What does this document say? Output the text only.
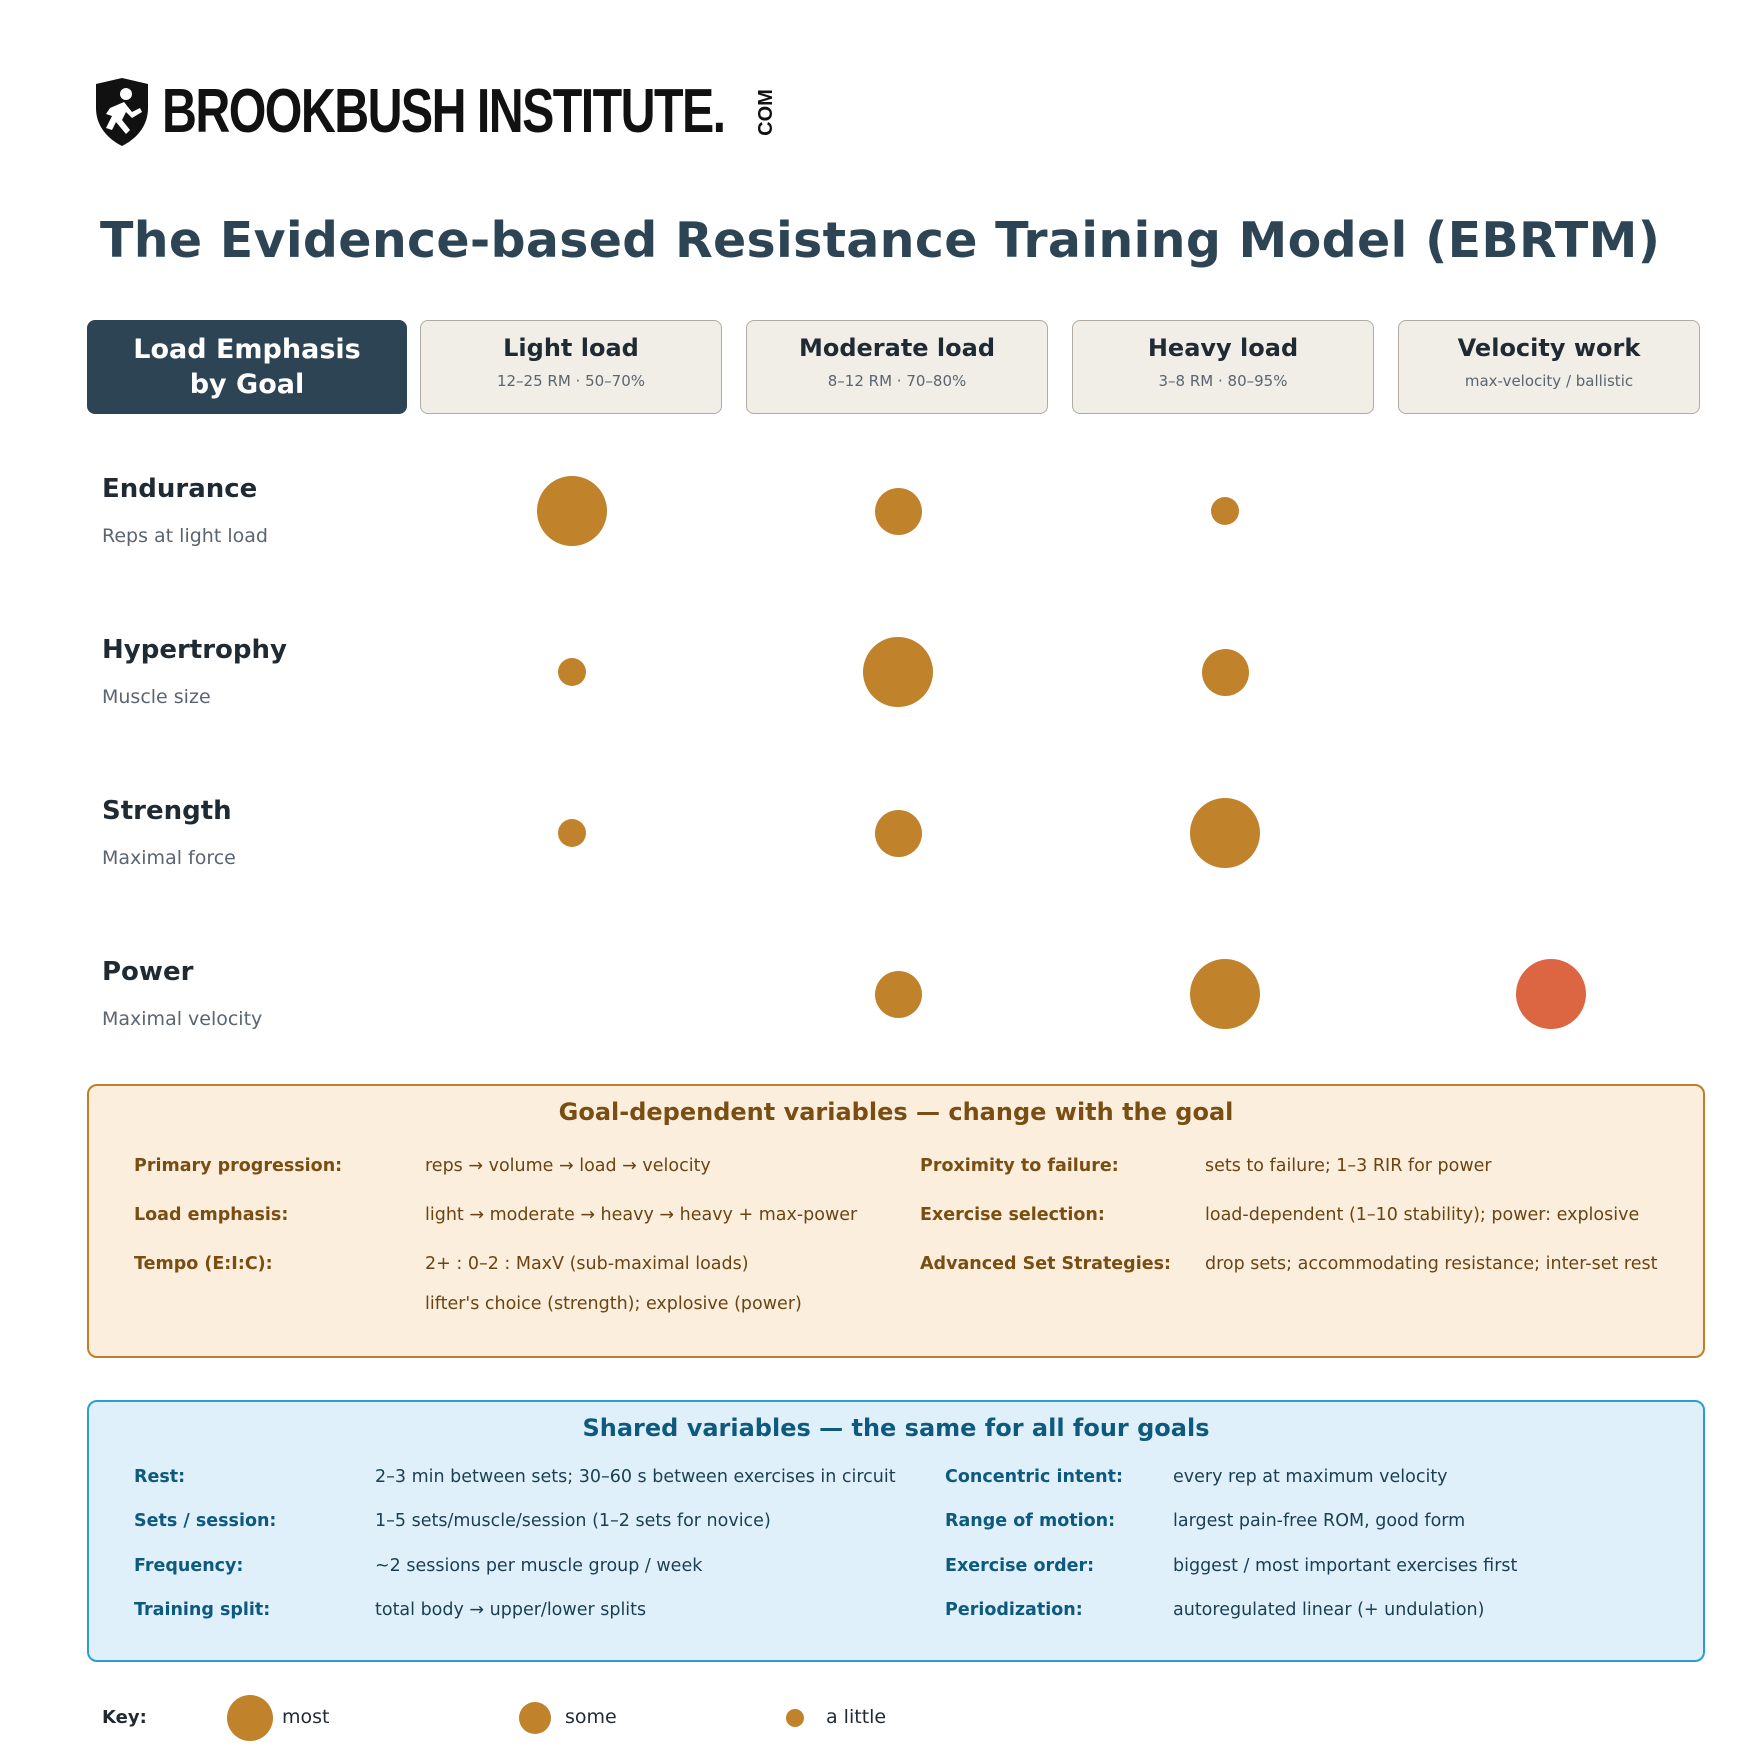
BROOKBUSH INSTITUTE. COM
The Evidence-based Resistance Training Model (EBRTM)
Load Emphasis
by Goal
Light load
12–25 RM · 50–70%
Moderate load
8–12 RM · 70–80%
Heavy load
3–8 RM · 80–95%
Velocity work
max-velocity / ballistic
Endurance
Reps at light load
Hypertrophy
Muscle size
Strength
Maximal force
Power
Maximal velocity
Goal-dependent variables — change with the goal
Primary progression:	reps → volume → load → velocity
Load emphasis:	light → moderate → heavy → heavy + max-power
Tempo (E:I:C):	2+ : 0–2 : MaxV (sub-maximal loads)
lifter's choice (strength); explosive (power)
Proximity to failure:	sets to failure; 1–3 RIR for power
Exercise selection:	load-dependent (1–10 stability); power: explosive
Advanced Set Strategies: drop sets; accommodating resistance; inter-set rest
Shared variables — the same for all four goals
Rest:	2–3 min between sets; 30–60 s between exercises in circuit
Sets / session:	1–5 sets/muscle/session (1–2 sets for novice)
Frequency:	~2 sessions per muscle group / week
Training split:	total body → upper/lower splits
Concentric intent:	every rep at maximum velocity
Range of motion:	largest pain-free ROM, good form
Exercise order:	biggest / most important exercises first
Periodization:	autoregulated linear (+ undulation)
Key:	most	some	a little
